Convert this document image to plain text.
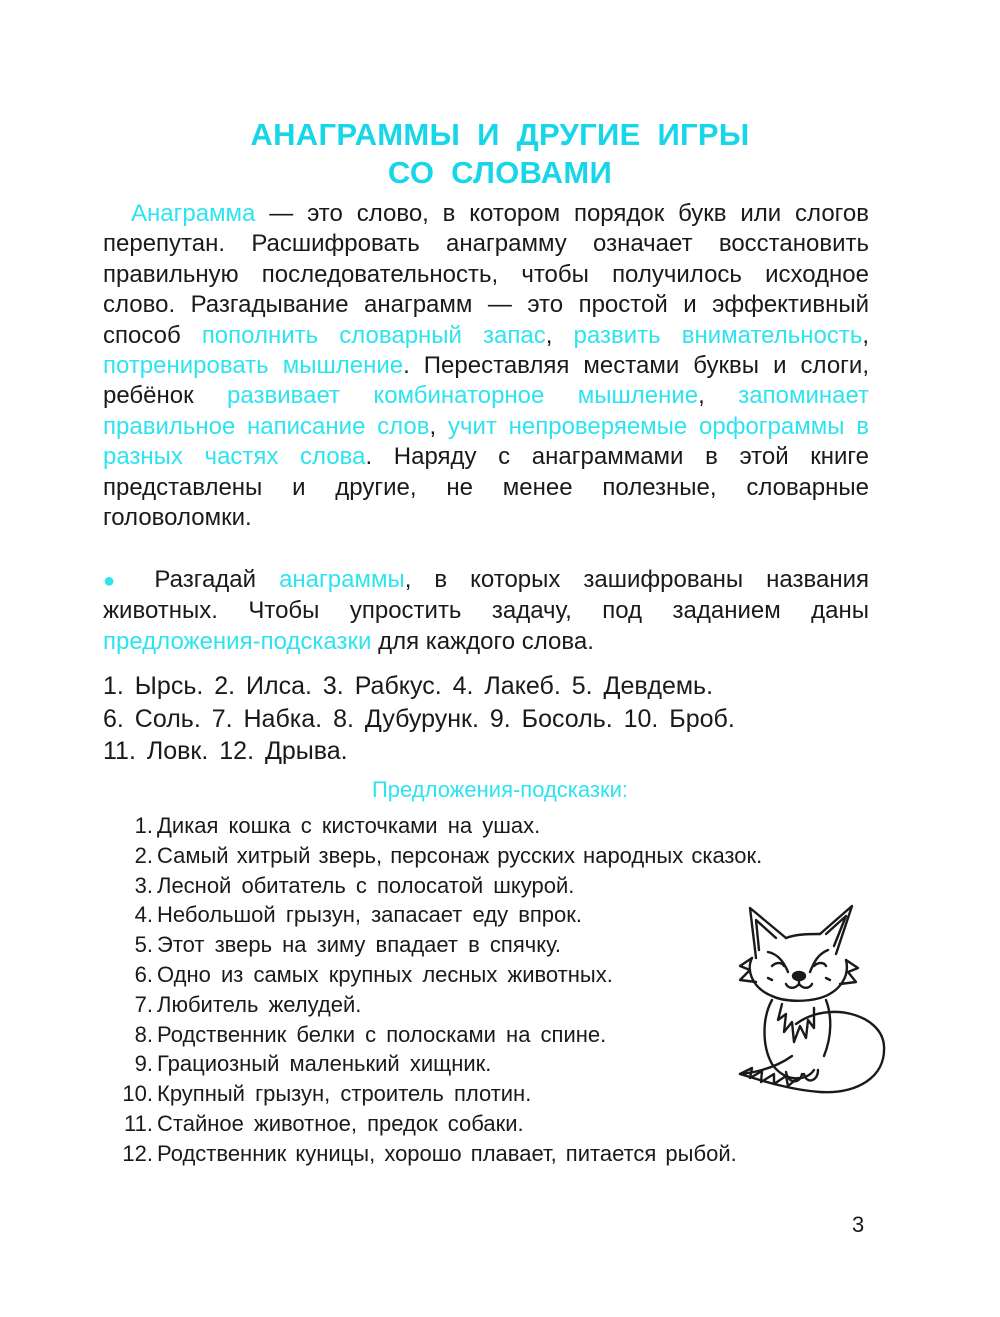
АНАГРАММЫ И ДРУГИЕ ИГРЫ
СО СЛОВАМИ

Анаграмма — это слово, в котором порядок букв или слогов перепутан. Расшифровать анаграмму означает восстановить правильную последовательность, чтобы получилось исходное слово. Разгадывание анаграмм — это простой и эффективный способ пополнить словарный запас, развить внимательность, потренировать мышление. Переставляя местами буквы и слоги, ребёнок развивает комбинаторное мышление, запоминает правильное написание слов, учит непроверяемые орфограммы в разных частях слова. Наряду с анаграммами в этой книге представлены и другие, не менее полезные, словарные головоломки.

● Разгадай анаграммы, в которых зашифрованы названия животных. Чтобы упростить задачу, под заданием даны предложения-подсказки для каждого слова.

1. Ырсь. 2. Илса. 3. Рабкус. 4. Лакеб. 5. Девдемь.
6. Соль. 7. Набка. 8. Дубурунк. 9. Босоль. 10. Броб.
11. Ловк. 12. Дрыва.

Предложения-подсказки:

1. Дикая кошка с кисточками на ушах.
2. Самый хитрый зверь, персонаж русских народных сказок.
3. Лесной обитатель с полосатой шкурой.
4. Небольшой грызун, запасает еду впрок.
5. Этот зверь на зиму впадает в спячку.
6. Одно из самых крупных лесных животных.
7. Любитель желудей.
8. Родственник белки с полосками на спине.
9. Грациозный маленький хищник.
10. Крупный грызун, строитель плотин.
11. Стайное животное, предок собаки.
12. Родственник куницы, хорошо плавает, питается рыбой.

3
